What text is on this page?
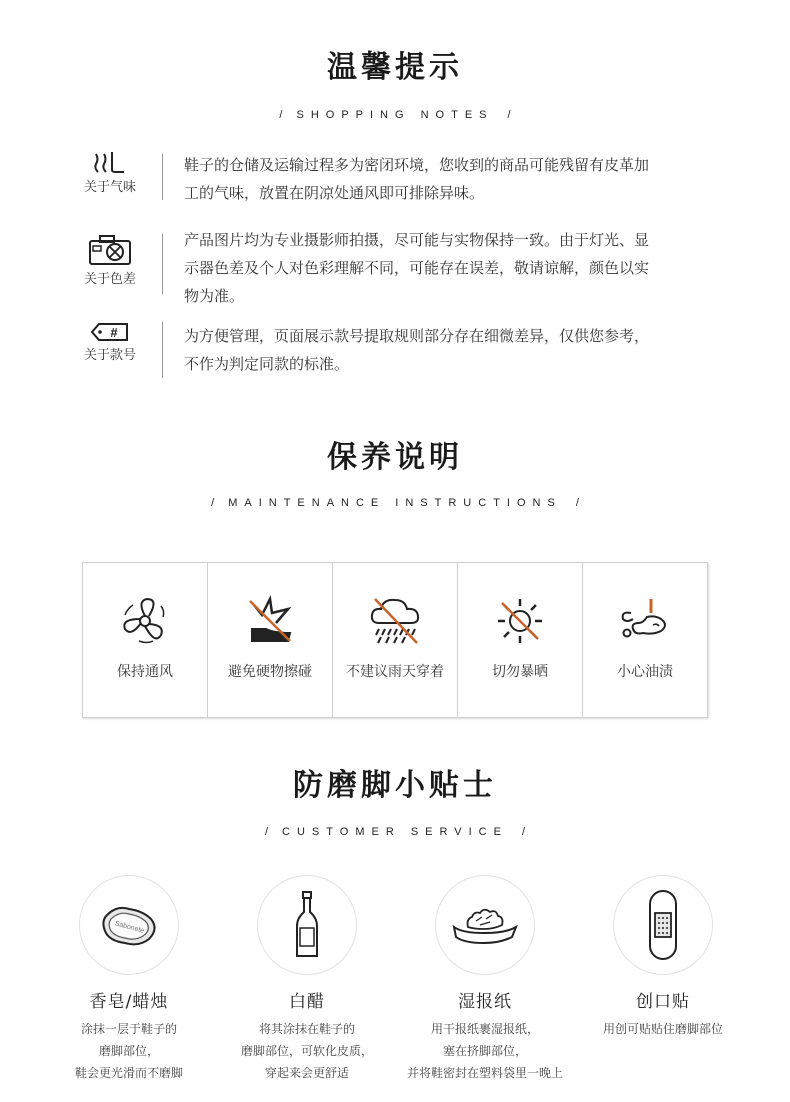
温馨提示
/ SHOPPING NOTES /
关于气味
鞋子的仓储及运输过程多为密闭环境，您收到的商品可能残留有皮革加
工的气味，放置在阴凉处通风即可排除异味。
关于色差
产品图片均为专业摄影师拍摄，尽可能与实物保持一致。由于灯光、显
示器色差及个人对色彩理解不同，可能存在误差，敬请谅解，颜色以实
物为准。
#
关于款号
为方便管理，页面展示款号提取规则部分存在细微差异，仅供您参考，
不作为判定同款的标准。
保养说明
/ MAINTENANCE INSTRUCTIONS /
保持通风	避免硬物擦碰	不建议雨天穿着	切勿暴晒	小心油渍
防磨脚小贴士
/ CUSTOMER SERVICE /
Sabonete
香皂/蜡烛
涂抹一层于鞋子的
磨脚部位，
鞋会更光滑而不磨脚
白醋
将其涂抹在鞋子的
磨脚部位，可软化皮质，
穿起来会更舒适
湿报纸
用干报纸裹湿报纸，
塞在挤脚部位，
并将鞋密封在塑料袋里一晚上
创口贴
用创可贴贴住磨脚部位
